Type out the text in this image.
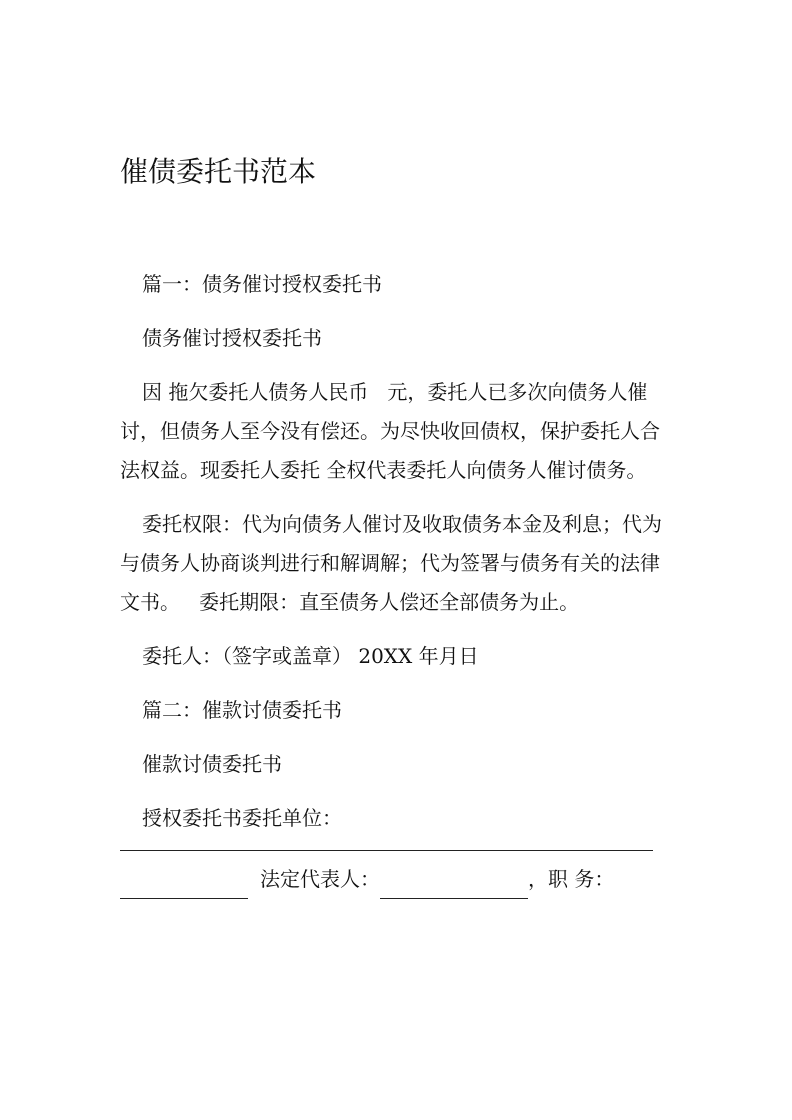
催债委托书范本

篇一：债务催讨授权委托书

债务催讨授权委托书

因 拖欠委托人债务人民币   元，委托人已多次向债务人催讨，但债务人至今没有偿还。为尽快收回债权，保护委托人合法权益。现委托人委托 全权代表委托人向债务人催讨债务。

委托权限：代为向债务人催讨及收取债务本金及利息；代为与债务人协商谈判进行和解调解；代为签署与债务有关的法律文书。   委托期限：直至债务人偿还全部债务为止。

委托人：（签字或盖章） 20XX 年月日

篇二：催款讨债委托书

催款讨债委托书

授权委托书委托单位：

法定代表人：	，职 务：
